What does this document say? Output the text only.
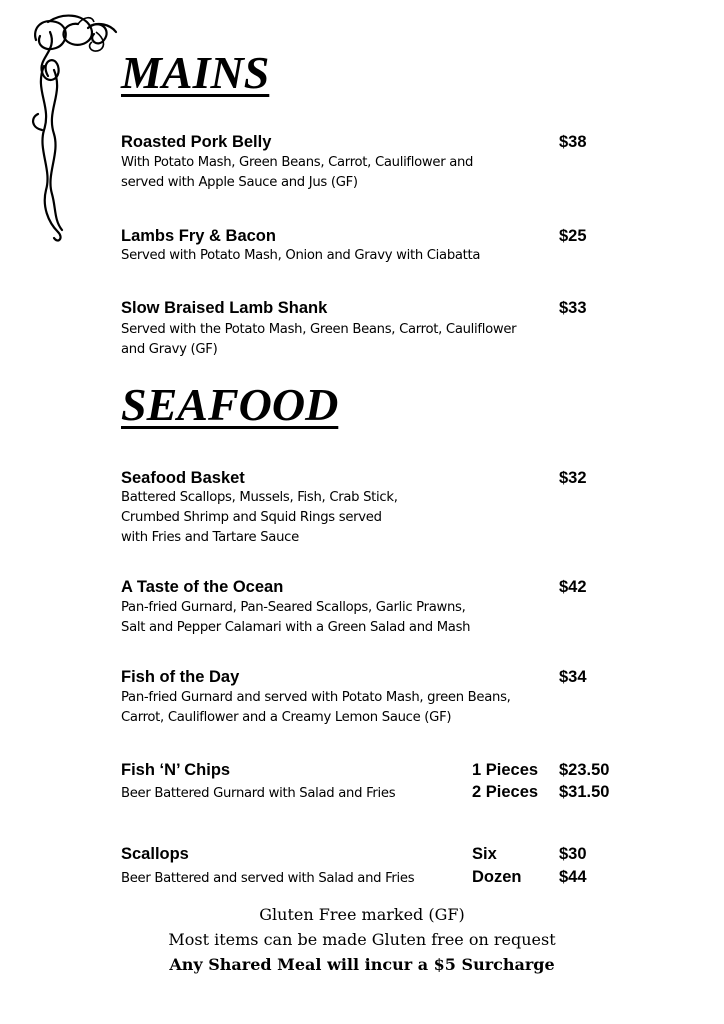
MAINS
Roasted Pork Belly	$38
With Potato Mash, Green Beans, Carrot, Cauliflower and
served with Apple Sauce and Jus (GF)
Lambs Fry & Bacon	$25
Served with Potato Mash, Onion and Gravy with Ciabatta
Slow Braised Lamb Shank	$33
Served with the Potato Mash, Green Beans, Carrot, Cauliflower
and Gravy (GF)
SEAFOOD
Seafood Basket	$32
Battered Scallops, Mussels, Fish, Crab Stick,
Crumbed Shrimp and Squid Rings served
with Fries and Tartare Sauce
A Taste of the Ocean	$42
Pan-fried Gurnard, Pan-Seared Scallops, Garlic Prawns,
Salt and Pepper Calamari with a Green Salad and Mash
Fish of the Day	$34
Pan-fried Gurnard and served with Potato Mash, green Beans,
Carrot, Cauliflower and a Creamy Lemon Sauce (GF)
Fish ‘N’ Chips	1 Pieces $23.50
Beer Battered Gurnard with Salad and Fries	2 Pieces $31.50
Scallops	Six	$30
Beer Battered and served with Salad and Fries	Dozen $44
Gluten Free marked (GF)
Most items can be made Gluten free on request
Any Shared Meal will incur a $5 Surcharge
